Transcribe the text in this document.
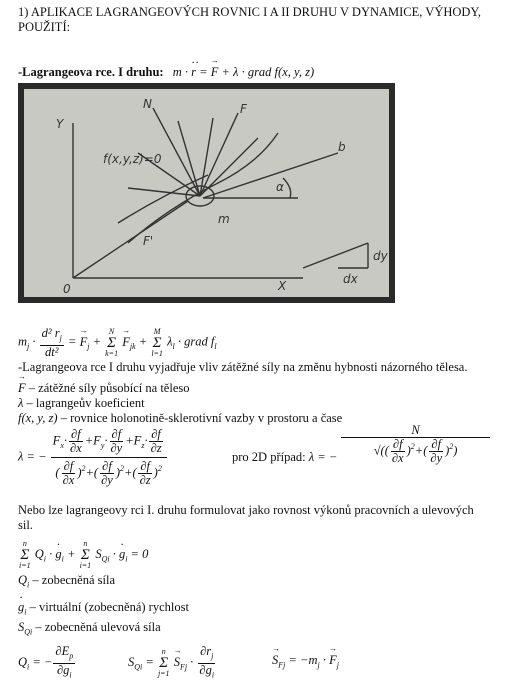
1) APLIKACE LAGRANGEOVÝCH ROVNIC I A II DRUHU V DYNAMICE, VÝHODY,
POUŽITÍ:
-Lagrangeova rce. I druhu: m · ·· r = → F + λ · grad f(x, y, z)
Y
N	F
f(x,y,z)=0
b
α
m
F'
0	X
dy
dx
$m_j \cdot \frac{d^2 r_j}{\text{dt²}}$ = → $F_j$ +
N
Σ
k=1
→ $F_{jk}$ +
M
Σ
l=1
$\lambda_l$ · grad $f_l$
-Lagrangeova rce I druhu vyjadřuje vliv zátěžné síly na změnu hybnosti názorného tělesa.
→ F – zátěžné síly působící na těleso
λ – lagrangeův koeficient
f(x, y, z) – rovnice holonotině-sklerotivní vazby v prostoru a čase
λ = − $\frac{F_x\cdot \frac{\partial f}{\partial x} +F_y\cdot \frac{\partial f}{\partial y} +F_z\cdot \frac{\partial f}{\partial z}}{( \frac{\partial f}{\partial x} )^2+( \frac{\partial f}{\partial y} )^2+( \frac{\partial f}{\partial z} )^2}$	pro 2D případ: λ = − $\frac{N}{√(( \frac{\partial f}{\partial x} )^2+( \frac{\partial f}{\partial y} )^2)}$
Nebo lze lagrangeovy rci I. druhu formulovat jako rovnost výkonů pracovních a ulevových
sil.
n
Σ
i=1
$Q_i$ · · $g_i$ +
n
Σ
i=1
$S_{Qi}$ · · $g_i = 0$
$Q_i$ – zobecněná síla
· $g_i$ – virtuální (zobecněná) rychlost
$S_{Qi}$ – zobecněná ulevová síla
$Q_i$ = − $\frac{\partial E_p}{\partial g_i}$	$S_{Qi}$ =
n
Σ
j=1
→ $S_{Fj} \cdot \frac{\partial r_j}{\partial g_i}$	→ $S_{Fj} = -m_j$ · → $F_j$
